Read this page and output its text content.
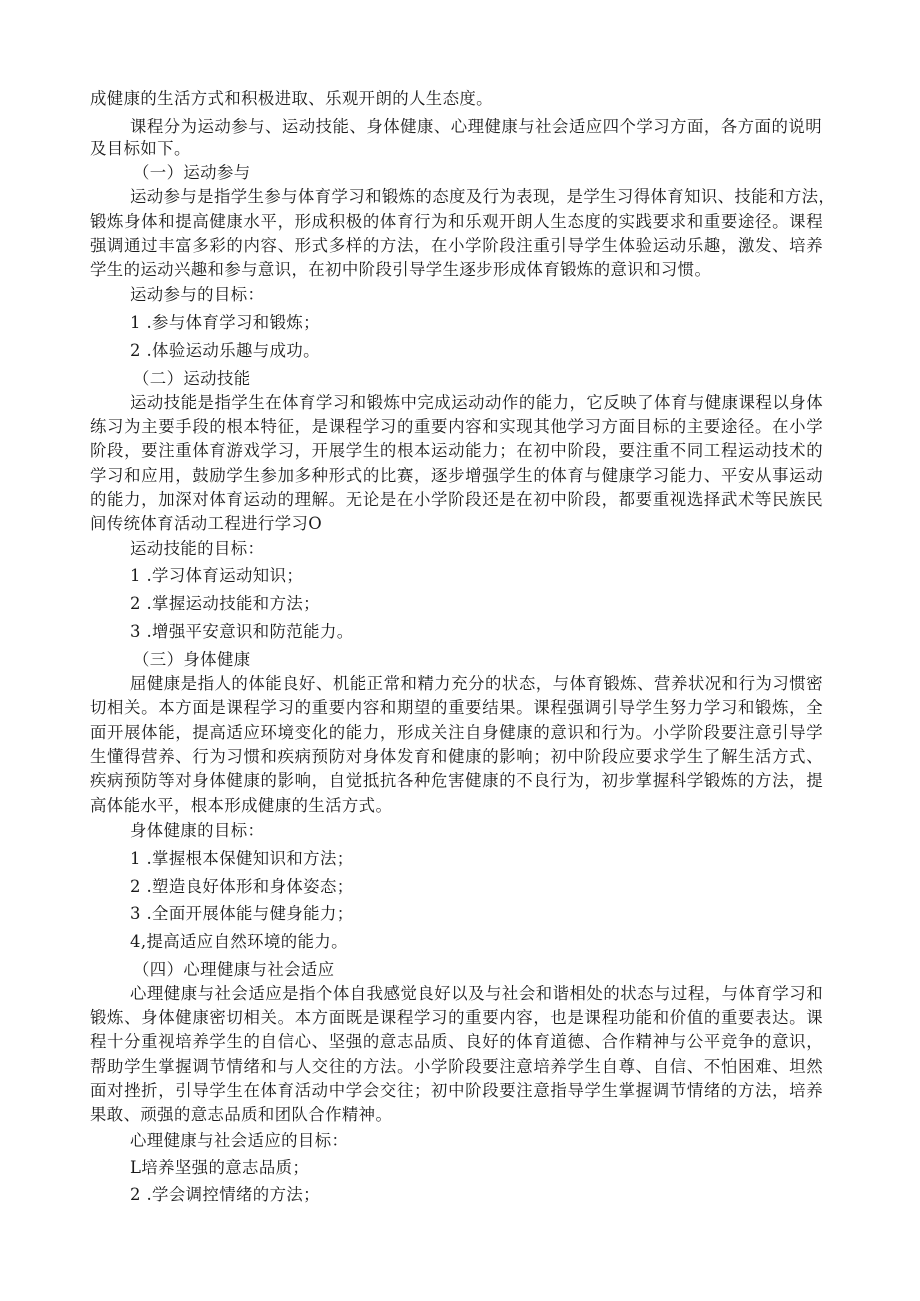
成健康的生活方式和积极进取、乐观开朗的人生态度。
课程分为运动参与、运动技能、身体健康、心理健康与社会适应四个学习方面，各方面的说明
及目标如下。
（一）运动参与
运动参与是指学生参与体育学习和锻炼的态度及行为表现，是学生习得体育知识、技能和方法，
锻炼身体和提高健康水平，形成积极的体育行为和乐观开朗人生态度的实践要求和重要途径。课程
强调通过丰富多彩的内容、形式多样的方法，在小学阶段注重引导学生体验运动乐趣，激发、培养
学生的运动兴趣和参与意识，在初中阶段引导学生逐步形成体育锻炼的意识和习惯。
运动参与的目标：
1 .参与体育学习和锻炼；
2 .体验运动乐趣与成功。
（二）运动技能
运动技能是指学生在体育学习和锻炼中完成运动动作的能力，它反映了体育与健康课程以身体
练习为主要手段的根本特征，是课程学习的重要内容和实现其他学习方面目标的主要途径。在小学
阶段，要注重体育游戏学习，开展学生的根本运动能力；在初中阶段，要注重不同工程运动技术的
学习和应用，鼓励学生参加多种形式的比赛，逐步增强学生的体育与健康学习能力、平安从事运动
的能力，加深对体育运动的理解。无论是在小学阶段还是在初中阶段，都要重视选择武术等民族民
间传统体育活动工程进行学习O
运动技能的目标：
1 .学习体育运动知识；
2 .掌握运动技能和方法；
3 .增强平安意识和防范能力。
（三）身体健康
屈健康是指人的体能良好、机能正常和精力充分的状态，与体育锻炼、营养状况和行为习惯密
切相关。本方面是课程学习的重要内容和期望的重要结果。课程强调引导学生努力学习和锻炼，全
面开展体能，提高适应环境变化的能力，形成关注自身健康的意识和行为。小学阶段要注意引导学
生懂得营养、行为习惯和疾病预防对身体发育和健康的影响；初中阶段应要求学生了解生活方式、
疾病预防等对身体健康的影响，自觉抵抗各种危害健康的不良行为，初步掌握科学锻炼的方法，提
高体能水平，根本形成健康的生活方式。
身体健康的目标：
1 .掌握根本保健知识和方法；
2 .塑造良好体形和身体姿态；
3 .全面开展体能与健身能力；
4,提高适应自然环境的能力。
（四）心理健康与社会适应
心理健康与社会适应是指个体自我感觉良好以及与社会和谐相处的状态与过程，与体育学习和
锻炼、身体健康密切相关。本方面既是课程学习的重要内容，也是课程功能和价值的重要表达。课
程十分重视培养学生的自信心、坚强的意志品质、良好的体育道德、合作精神与公平竞争的意识，
帮助学生掌握调节情绪和与人交往的方法。小学阶段要注意培养学生自尊、自信、不怕困难、坦然
面对挫折，引导学生在体育活动中学会交往；初中阶段要注意指导学生掌握调节情绪的方法，培养
果敢、顽强的意志品质和团队合作精神。
心理健康与社会适应的目标：
L培养坚强的意志品质；
2 .学会调控情绪的方法；
